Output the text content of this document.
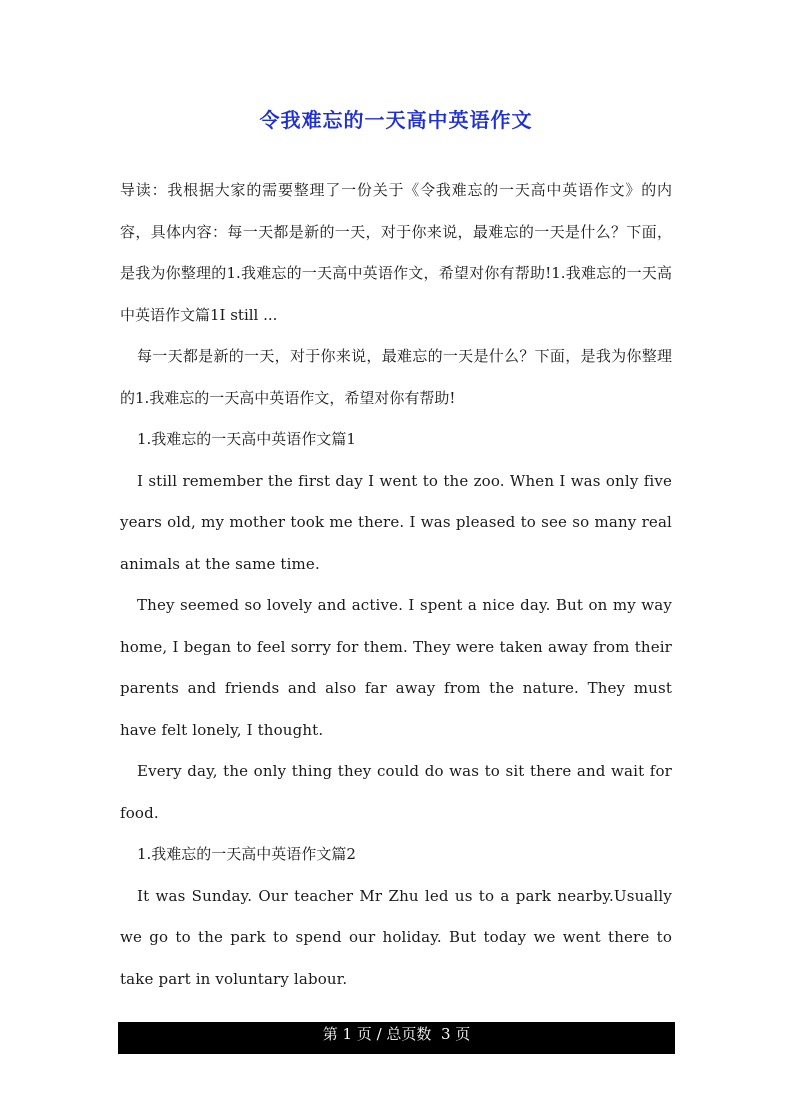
令我难忘的一天高中英语作文

导读：我根据大家的需要整理了一份关于《令我难忘的一天高中英语作文》的内容，具体内容：每一天都是新的一天，对于你来说，最难忘的一天是什么？下面，是我为你整理的1.我难忘的一天高中英语作文，希望对你有帮助!1.我难忘的一天高中英语作文篇1I still ...

每一天都是新的一天，对于你来说，最难忘的一天是什么？下面，是我为你整理的1.我难忘的一天高中英语作文，希望对你有帮助!

1.我难忘的一天高中英语作文篇1

I still remember the first day I went to the zoo. When I was only five years old, my mother took me there. I was pleased to see so many real animals at the same time.

They seemed so lovely and active. I spent a nice day. But on my way home, I began to feel sorry for them. They were taken away from their parents and friends and also far away from the nature. They must have felt lonely, I thought.

Every day, the only thing they could do was to sit there and wait for food.

1.我难忘的一天高中英语作文篇2

It was Sunday. Our teacher Mr Zhu led us to a park nearby.Usually we go to the park to spend our holiday. But today we went there to take part in voluntary labour.

第 1 页 / 总页数  3 页
